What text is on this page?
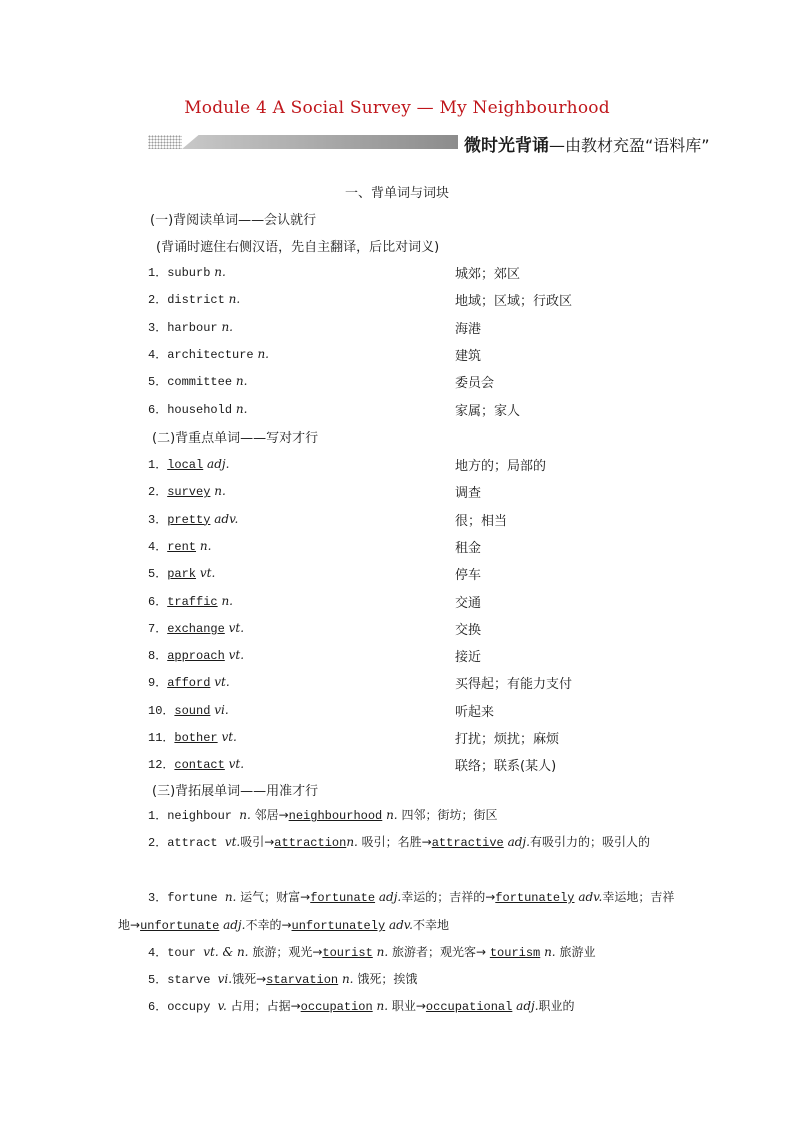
Module 4 A Social Survey — My Neighbourhood
微时光背诵—由教材充盈“语料库”
一、背单词与词块
(一)背阅读单词——会认就行
(背诵时遮住右侧汉语，先自主翻译，后比对词义)
1．suburb n.	城郊；郊区
2．district n.	地域；区域；行政区
3．harbour n.	海港
4．architecture n.	建筑
5．committee n.	委员会
6．household n.	家属；家人
(二)背重点单词——写对才行
1．local adj.	地方的；局部的
2．survey n.	调查
3．pretty adv.	很；相当
4．rent n.	租金
5．park vt.	停车
6．traffic n.	交通
7．exchange vt.	交换
8．approach vt.	接近
9．afford vt.	买得起；有能力支付
10．sound vi.	听起来
11．bother vt.	打扰；烦扰；麻烦
12．contact vt.	联络；联系(某人)
(三)背拓展单词——用准才行
1．neighbour n. 邻居→neighbourhood n. 四邻；街坊；街区
2．attract vt.吸引→attractionn. 吸引；名胜→attractive adj.有吸引力的；吸引人的
3．fortune n. 运气；财富→fortunate adj.幸运的；吉祥的→fortunately adv.幸运地；吉祥地→unfortunate adj.不幸的→unfortunately adv.不幸地
4．tour vt. & n. 旅游；观光→tourist n. 旅游者；观光客→ tourism n. 旅游业
5．starve vi.饿死→starvation n. 饿死；挨饿
6．occupy v. 占用；占据→occupation n. 职业→occupational adj.职业的
